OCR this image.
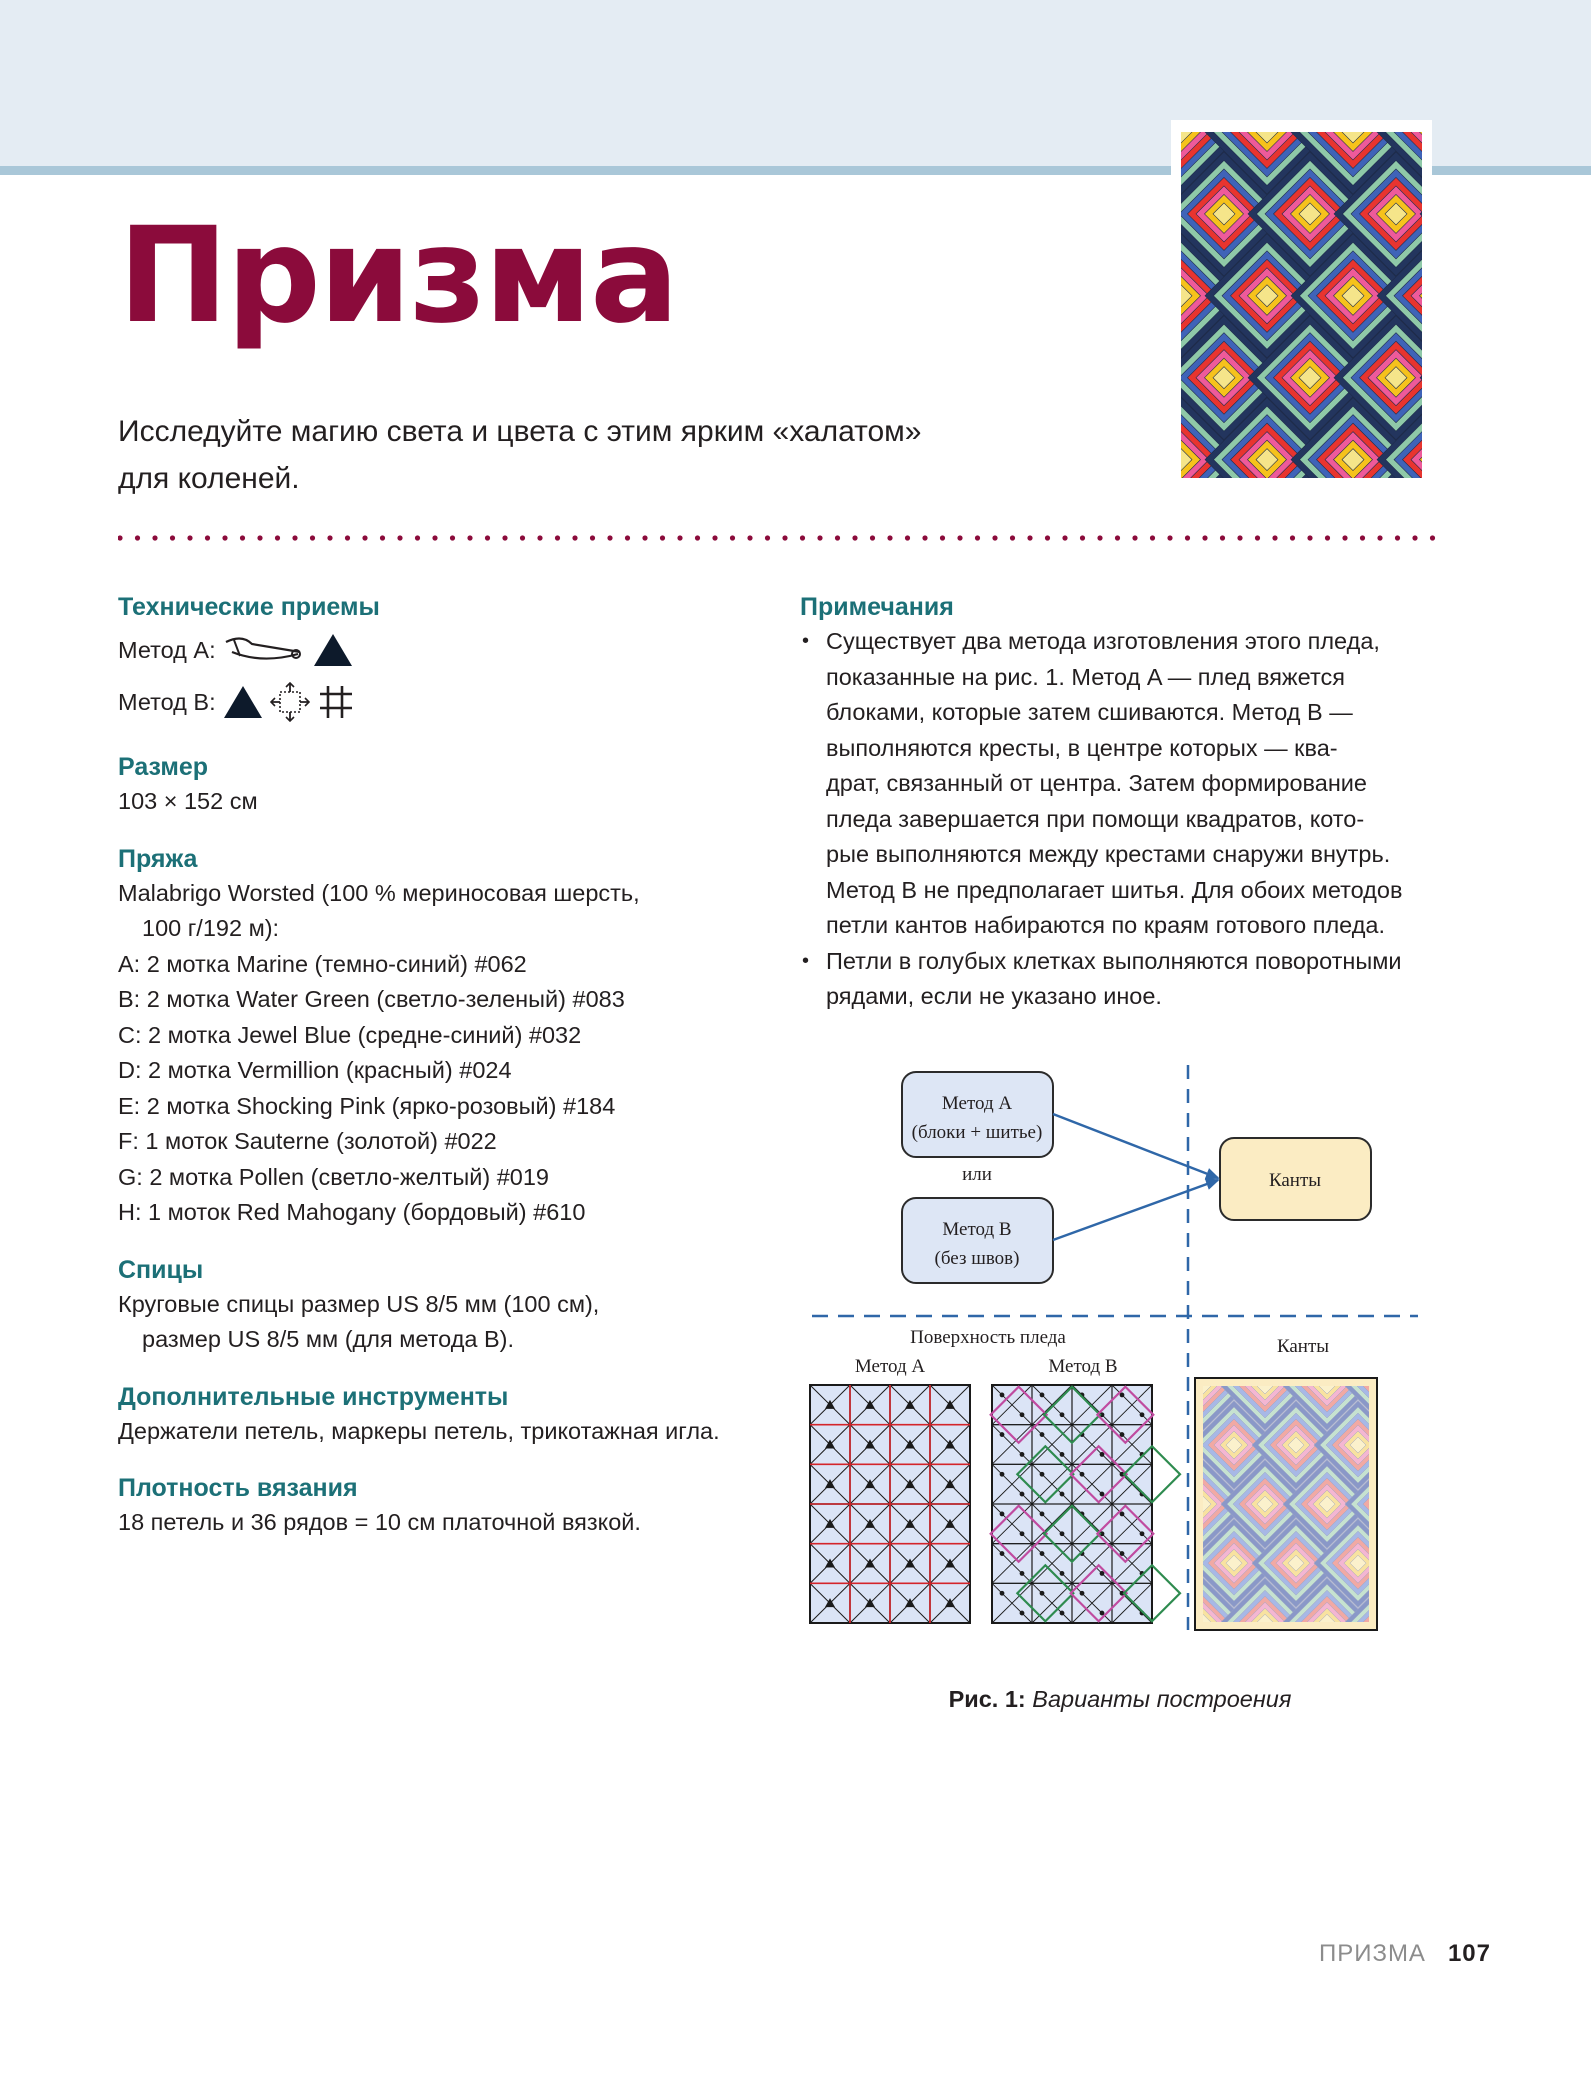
Призма
Исследуйте магию света и цвета с этим ярким «халатом» для коленей.
Технические приемы
Метод A:
Метод B:
Размер

103 × 152 см

Пряжа

Malabrigo Worsted (100 % мериносовая шерсть,

100 г/192 м):

A: 2 мотка Marine (темно-синий) #062

B: 2 мотка Water Green (светло-зеленый) #083

C: 2 мотка Jewel Blue (средне-синий) #032

D: 2 мотка Vermillion (красный) #024

E: 2 мотка Shocking Pink (ярко-розовый) #184

F: 1 моток Sauterne (золотой) #022

G: 2 мотка Pollen (светло-желтый) #019

H: 1 моток Red Mahogany (бордовый) #610

Спицы

Круговые спицы размер US 8/5 мм (100 см),

размер US 8/5 мм (для метода B).

Дополнительные инструменты

Держатели петель, маркеры петель, трикотажная игла.

Плотность вязания

18 петель и 36 рядов = 10 см платочной вязкой.

Примечания
• Существует два метода изготовления этого пледа,
показанные на рис. 1. Метод A — плед вяжется
блоками, которые затем сшиваются. Метод B —
выполняются кресты, в центре которых — ква-
драт, связанный от центра. Затем формирование
пледа завершается при помощи квадратов, кото-
рые выполняются между крестами снаружи внутрь.
Метод B не предполагает шитья. Для обоих методов
петли кантов набираются по краям готового пледа.
• Петли в голубых клетках выполняются поворотными
рядами, если не указано иное.
Метод A
(блоки + шитье)
или
Метод B
(без швов)
Канты
Поверхность пледа
Метод A	Метод B
Канты
Рис. 1: Варианты построения
ПРИЗМА 107
